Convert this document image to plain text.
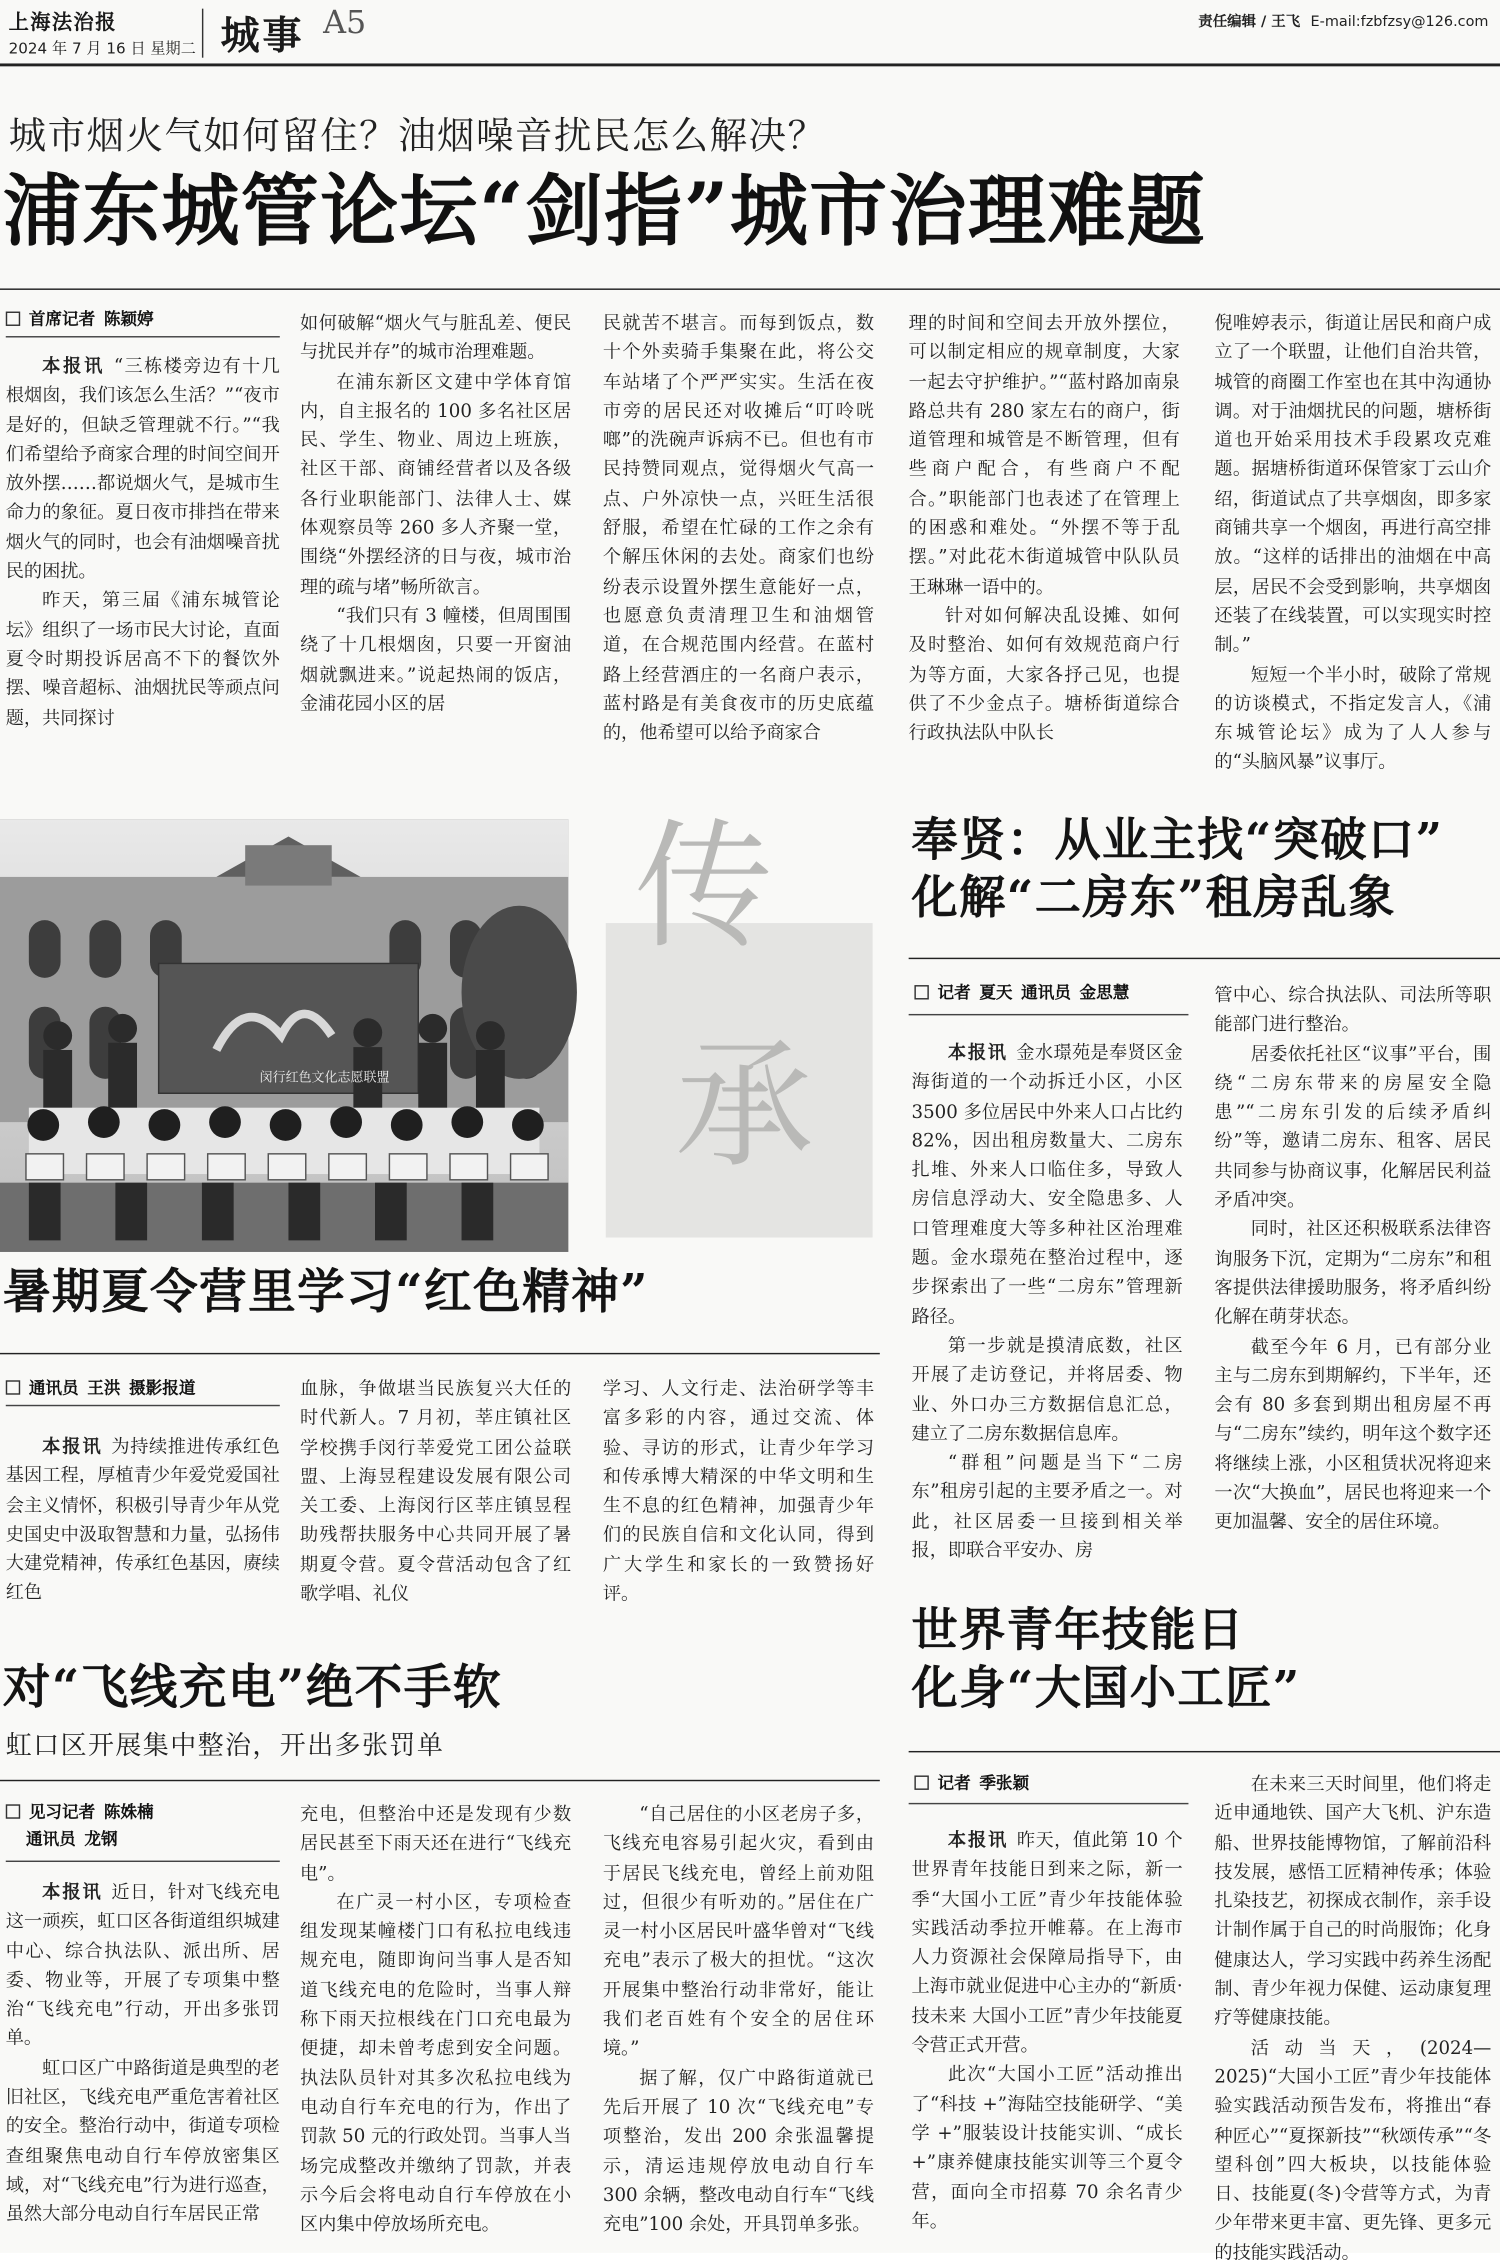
上海法治报
2024 年 7 月 16 日 星期二 城事 A5	责任编辑 / 王飞 E-mail:fzbfzsy@126.com
城市烟火气如何留住？油烟噪音扰民怎么解决？
浦东城管论坛“剑指”城市治理难题
首席记者 陈颖婷

本报讯 “三栋楼旁边有十几根烟囱，我们该怎么生活？”“夜市是好的，但缺乏管理就不行。”“我们希望给予商家合理的时间空间开放外摆……都说烟火气，是城市生命力的象征。夏日夜市排挡在带来烟火气的同时，也会有油烟噪音扰民的困扰。

昨天，第三届《浦东城管论坛》组织了一场市民大讨论，直面夏令时期投诉居高不下的餐饮外摆、噪音超标、油烟扰民等顽点问题，共同探讨

如何破解“烟火气与脏乱差、便民与扰民并存”的城市治理难题。

在浦东新区文建中学体育馆内，自主报名的 100 多名社区居民、学生、物业、周边上班族，社区干部、商铺经营者以及各级各行业职能部门、法律人士、媒体观察员等 260 多人齐聚一堂，围绕“外摆经济的日与夜，城市治理的疏与堵”畅所欲言。

“我们只有 3 幢楼，但周围围绕了十几根烟囱，只要一开窗油烟就飘进来。”说起热闹的饭店，金浦花园小区的居

民就苦不堪言。而每到饭点，数十个外卖骑手集聚在此，将公交车站堵了个严严实实。生活在夜市旁的居民还对收摊后“叮呤咣啷”的洗碗声诉病不已。但也有市民持赞同观点，觉得烟火气高一点、户外凉快一点，兴旺生活很舒服，希望在忙碌的工作之余有个解压休闲的去处。商家们也纷纷表示设置外摆生意能好一点，也愿意负责清理卫生和油烟管道，在合规范围内经营。在蓝村路上经营酒庄的一名商户表示，蓝村路是有美食夜市的历史底蕴的，他希望可以给予商家合

理的时间和空间去开放外摆位，可以制定相应的规章制度，大家一起去守护维护。”“蓝村路加南泉路总共有 280 家左右的商户，街道管理和城管是不断管理，但有些商户配合，有些商户不配合。”职能部门也表述了在管理上的困惑和难处。“外摆不等于乱摆。”对此花木街道城管中队队员王琳琳一语中的。

针对如何解决乱设摊、如何及时整治、如何有效规范商户行为等方面，大家各抒己见，也提供了不少金点子。塘桥街道综合行政执法队中队长

倪唯婷表示，街道让居民和商户成立了一个联盟，让他们自治共管，城管的商圈工作室也在其中沟通协调。对于油烟扰民的问题，塘桥街道也开始采用技术手段累攻克难题。据塘桥街道环保管家丁云山介绍，街道试点了共享烟囱，即多家商铺共享一个烟囱，再进行高空排放。“这样的话排出的油烟在中高层，居民不会受到影响，共享烟囱还装了在线装置，可以实现实时控制。”

短短一个半小时，破除了常规的访谈模式，不指定发言人，《浦东城管论坛》成为了人人参与的“头脑风暴”议事厅。

闵行红色文化志愿联盟
传
承
暑期夏令营里学习“红色精神”
通讯员 王洪 摄影报道

本报讯 为持续推进传承红色基因工程，厚植青少年爱党爱国社会主义情怀，积极引导青少年从党史国史中汲取智慧和力量，弘扬伟大建党精神，传承红色基因，赓续红色

血脉，争做堪当民族复兴大任的时代新人。7 月初，莘庄镇社区学校携手闵行莘爱党工团公益联盟、上海昱程建设发展有限公司关工委、上海闵行区莘庄镇昱程助残帮扶服务中心共同开展了暑期夏令营。夏令营活动包含了红歌学唱、礼仪

学习、人文行走、法治研学等丰富多彩的内容，通过交流、体验、寻访的形式，让青少年学习和传承博大精深的中华文明和生生不息的红色精神，加强青少年们的民族自信和文化认同，得到广大学生和家长的一致赞扬好评。

奉贤：从业主找“突破口”
化解“二房东”租房乱象
记者 夏天 通讯员 金思慧

本报讯 金水璟苑是奉贤区金海街道的一个动拆迁小区，小区 3500 多位居民中外来人口占比约 82%，因出租房数量大、二房东扎堆、外来人口临住多，导致人房信息浮动大、安全隐患多、人口管理难度大等多种社区治理难题。金水璟苑在整治过程中，逐步探索出了一些“二房东”管理新路径。

第一步就是摸清底数，社区开展了走访登记，并将居委、物业、外口办三方数据信息汇总，建立了二房东数据信息库。

“群租”问题是当下“二房东”租房引起的主要矛盾之一。对此，社区居委一旦接到相关举报，即联合平安办、房

管中心、综合执法队、司法所等职能部门进行整治。

居委依托社区“议事”平台，围绕“二房东带来的房屋安全隐患”“二房东引发的后续矛盾纠纷”等，邀请二房东、租客、居民共同参与协商议事，化解居民利益矛盾冲突。

同时，社区还积极联系法律咨询服务下沉，定期为“二房东”和租客提供法律援助服务，将矛盾纠纷化解在萌芽状态。

截至今年 6 月，已有部分业主与二房东到期解约，下半年，还会有 80 多套到期出租房屋不再与“二房东”续约，明年这个数字还将继续上涨，小区租赁状况将迎来一次“大换血”，居民也将迎来一个更加温馨、安全的居住环境。

对“飞线充电”绝不手软
虹口区开展集中整治，开出多张罚单
见习记者 陈姝楠
通讯员 龙钢

本报讯 近日，针对飞线充电这一顽疾，虹口区各街道组织城建中心、综合执法队、派出所、居委、物业等，开展了专项集中整治“飞线充电”行动，开出多张罚单。

虹口区广中路街道是典型的老旧社区，飞线充电严重危害着社区的安全。整治行动中，街道专项检查组聚焦电动自行车停放密集区域，对“飞线充电”行为进行巡查，虽然大部分电动自行车居民正常

充电，但整治中还是发现有少数居民甚至下雨天还在进行“飞线充电”。

在广灵一村小区，专项检查组发现某幢楼门口有私拉电线违规充电，随即询问当事人是否知道飞线充电的危险时，当事人辩称下雨天拉根线在门口充电最为便捷，却未曾考虑到安全问题。执法队员针对其多次私拉电线为电动自行车充电的行为，作出了罚款 50 元的行政处罚。当事人当场完成整改并缴纳了罚款，并表示今后会将电动自行车停放在小区内集中停放场所充电。

“自己居住的小区老房子多，飞线充电容易引起火灾，看到由于居民飞线充电，曾经上前劝阻过，但很少有听劝的。”居住在广灵一村小区居民叶盛华曾对“飞线充电”表示了极大的担忧。“这次开展集中整治行动非常好，能让我们老百姓有个安全的居住环境。”

据了解，仅广中路街道就已先后开展了 10 次“飞线充电”专项整治，发出 200 余张温馨提示，清运违规停放电动自行车 300 余辆，整改电动自行车“飞线充电”100 余处，开具罚单多张。

世界青年技能日
化身“大国小工匠”
记者 季张颖

本报讯 昨天，值此第 10 个世界青年技能日到来之际，新一季“大国小工匠”青少年技能体验实践活动季拉开帷幕。在上海市人力资源社会保障局指导下，由上海市就业促进中心主办的“新质·技未来 大国小工匠”青少年技能夏令营正式开营。

此次“大国小工匠”活动推出了“科技 +”海陆空技能研学、“美学 +”服装设计技能实训、“成长 +”康养健康技能实训等三个夏令营，面向全市招募 70 余名青少年。

在未来三天时间里，他们将走近申通地铁、国产大飞机、沪东造船、世界技能博物馆，了解前沿科技发展，感悟工匠精神传承；体验扎染技艺，初探成衣制作，亲手设计制作属于自己的时尚服饰；化身健康达人，学习实践中药养生汤配制、青少年视力保健、运动康复理疗等健康技能。

活动当天，(2024—2025)“大国小工匠”青少年技能体验实践活动预告发布，将推出“春种匠心”“夏探新技”“秋颂传承”“冬望科创”四大板块，以技能体验日、技能夏(冬)令营等方式，为青少年带来更丰富、更先锋、更多元的技能实践活动。
